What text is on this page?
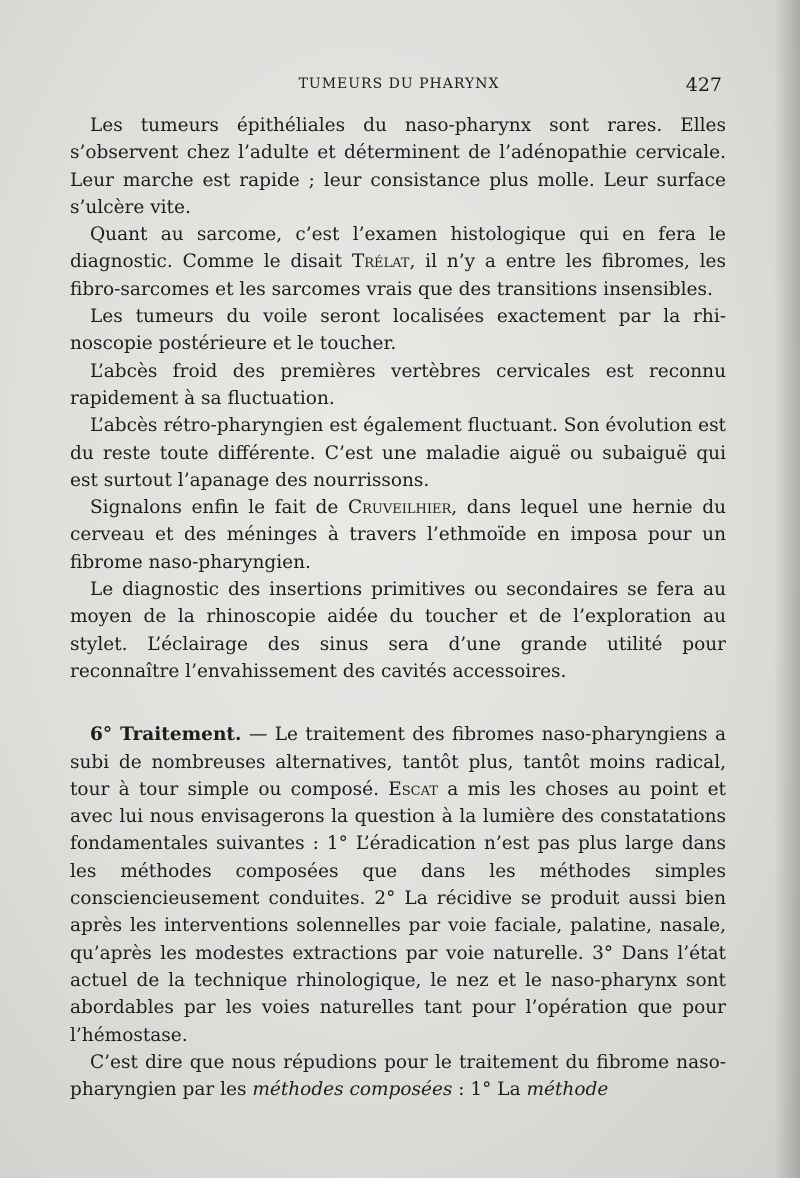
TUMEURS DU PHARYNX	427

Les tumeurs épithéliales du naso-pharynx sont rares. Elles s’observent chez l’adulte et déterminent de l’adénopathie cervicale. Leur marche est rapide ; leur consistance plus molle. Leur surface s’ulcère vite.

Quant au sarcome, c’est l’examen histologique qui en fera le diagnostic. Comme le disait Trélat, il n’y a entre les fibromes, les fibro-sarcomes et les sarcomes vrais que des transitions insensibles.

Les tumeurs du voile seront localisées exactement par la rhinoscopie postérieure et le toucher.

L’abcès froid des premières vertèbres cervicales est reconnu rapidement à sa fluctuation.

L’abcès rétro-pharyngien est également fluctuant. Son évolution est du reste toute différente. C’est une maladie aiguë ou subaiguë qui est surtout l’apanage des nourrissons.

Signalons enfin le fait de Cruveilhier, dans lequel une hernie du cerveau et des méninges à travers l’ethmoïde en imposa pour un fibrome naso-pharyngien.

Le diagnostic des insertions primitives ou secondaires se fera au moyen de la rhinoscopie aidée du toucher et de l’exploration au stylet. L’éclairage des sinus sera d’une grande utilité pour reconnaître l’envahissement des cavités accessoires.

6° Traitement. — Le traitement des fibromes naso-pharyngiens a subi de nombreuses alternatives, tantôt plus, tantôt moins radical, tour à tour simple ou composé. Escat a mis les choses au point et avec lui nous envisagerons la question à la lumière des constatations fondamentales suivantes : 1° L’éradication n’est pas plus large dans les méthodes composées que dans les méthodes simples consciencieusement conduites. 2° La récidive se produit aussi bien après les interventions solennelles par voie faciale, palatine, nasale, qu’après les modestes extractions par voie naturelle. 3° Dans l’état actuel de la technique rhinologique, le nez et le naso-pharynx sont abordables par les voies naturelles tant pour l’opération que pour l’hémostase.

C’est dire que nous répudions pour le traitement du fibrome naso-pharyngien par les méthodes composées : 1° La méthode
